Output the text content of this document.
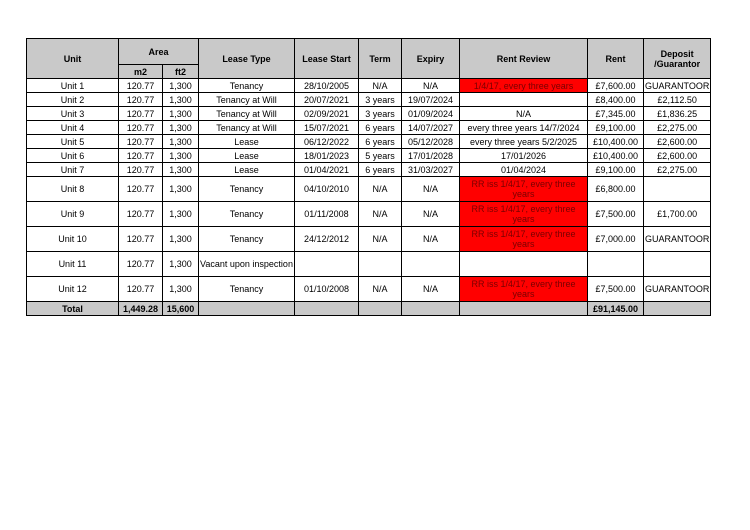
Unit	Area		Lease Type	Lease Start	Term	Expiry	Rent Review	Rent	Deposit /Guarantor
	m2	ft2							
Unit 1	120.77	1,300	Tenancy	28/10/2005	N/A	N/A	1/4/17, every three years	£7,600.00	GUARANTOOR
Unit 2	120.77	1,300	Tenancy at Will	20/07/2021	3 years	19/07/2024		£8,400.00	£2,112.50
Unit 3	120.77	1,300	Tenancy at Will	02/09/2021	3 years	01/09/2024	N/A	£7,345.00	£1,836.25
Unit 4	120.77	1,300	Tenancy at Will	15/07/2021	6 years	14/07/2027	every three years 14/7/2024	£9,100.00	£2,275.00
Unit 5	120.77	1,300	Lease	06/12/2022	6 years	05/12/2028	every three years 5/2/2025	£10,400.00	£2,600.00
Unit 6	120.77	1,300	Lease	18/01/2023	5 years	17/01/2028	17/01/2026	£10,400.00	£2,600.00
Unit 7	120.77	1,300	Lease	01/04/2021	6 years	31/03/2027	01/04/2024	£9,100.00	£2,275.00
Unit 8	120.77	1,300	Tenancy	04/10/2010	N/A	N/A	RR iss 1/4/17, every three years	£6,800.00	
Unit 9	120.77	1,300	Tenancy	01/11/2008	N/A	N/A	RR iss 1/4/17, every three years	£7,500.00	£1,700.00
Unit 10	120.77	1,300	Tenancy	24/12/2012	N/A	N/A	RR iss 1/4/17, every three years	£7,000.00	GUARANTOOR
Unit 11	120.77	1,300	Vacant upon inspection						
Unit 12	120.77	1,300	Tenancy	01/10/2008	N/A	N/A	RR iss 1/4/17, every three years	£7,500.00	GUARANTOOR
Total	1,449.28	15,600						£91,145.00	
